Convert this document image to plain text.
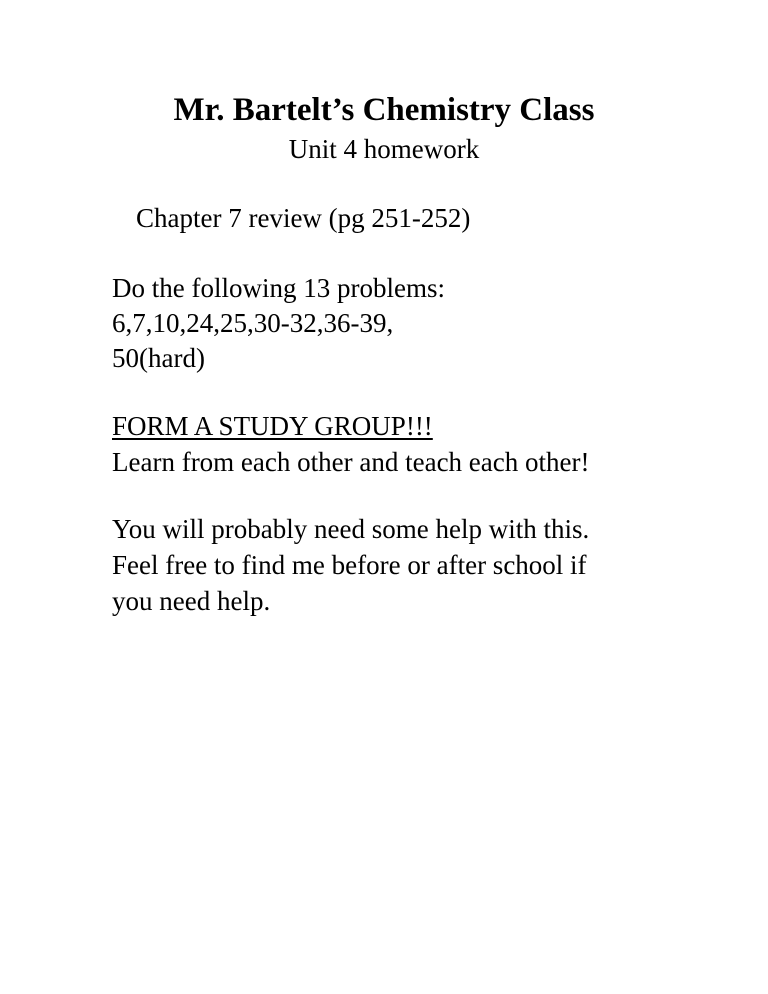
Mr. Bartelt’s Chemistry Class
Unit 4 homework
Chapter 7 review (pg 251-252)
Do the following 13 problems:
6,7,10,24,25,30-32,36-39,
50(hard)
FORM A STUDY GROUP!!!
Learn from each other and teach each other!
You will probably need some help with this.
Feel free to find me before or after school if
you need help.
